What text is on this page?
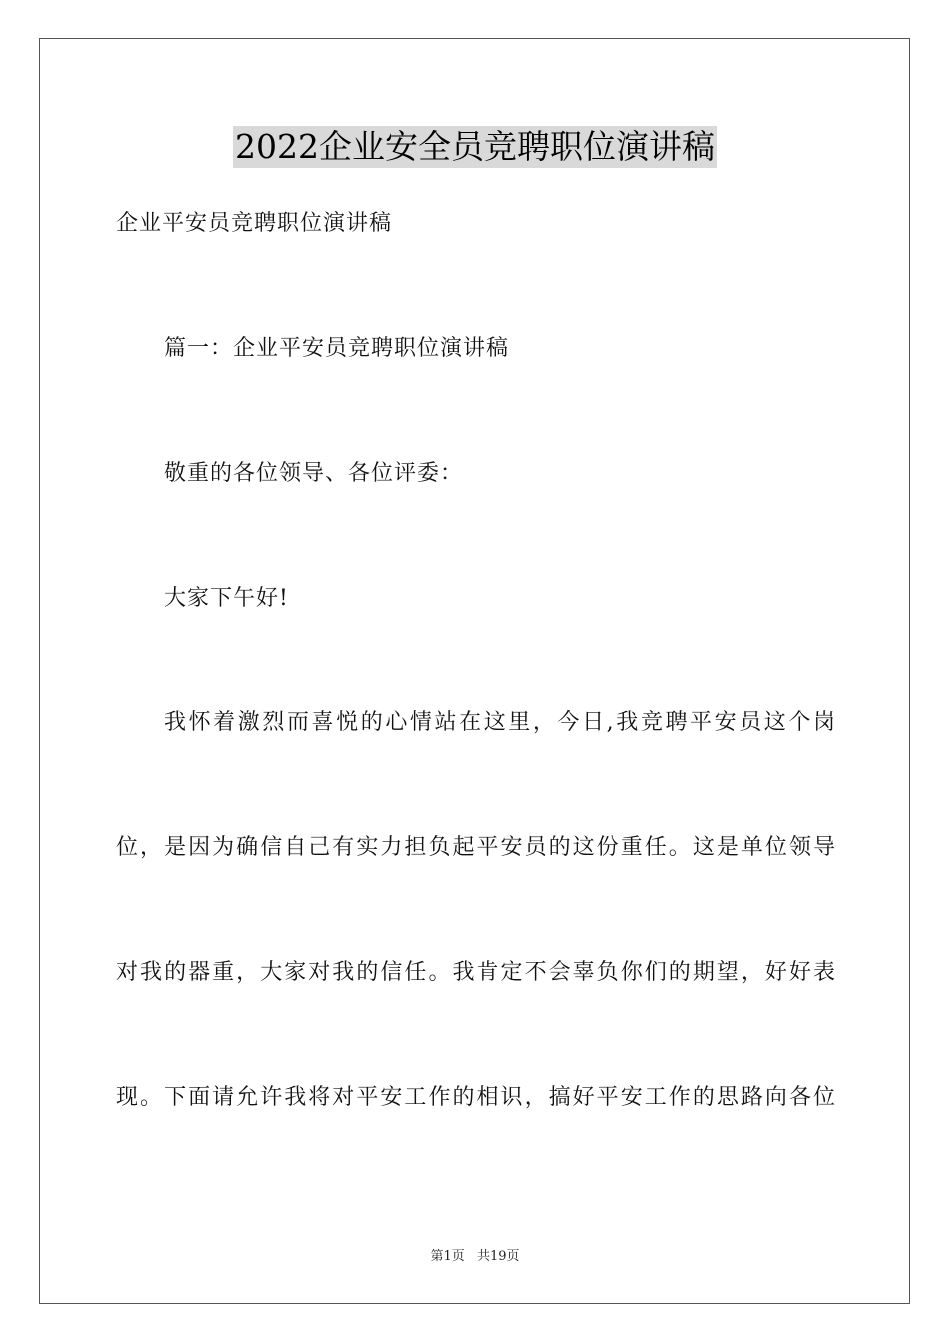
2022企业安全员竞聘职位演讲稿

企业平安员竞聘职位演讲稿

篇一：企业平安员竞聘职位演讲稿

敬重的各位领导、各位评委：

大家下午好!

我怀着激烈而喜悦的心情站在这里，今日,我竞聘平安员这个岗

位，是因为确信自己有实力担负起平安员的这份重任。这是单位领导

对我的器重，大家对我的信任。我肯定不会辜负你们的期望，好好表

现。下面请允许我将对平安工作的相识，搞好平安工作的思路向各位

第1页 共19页
